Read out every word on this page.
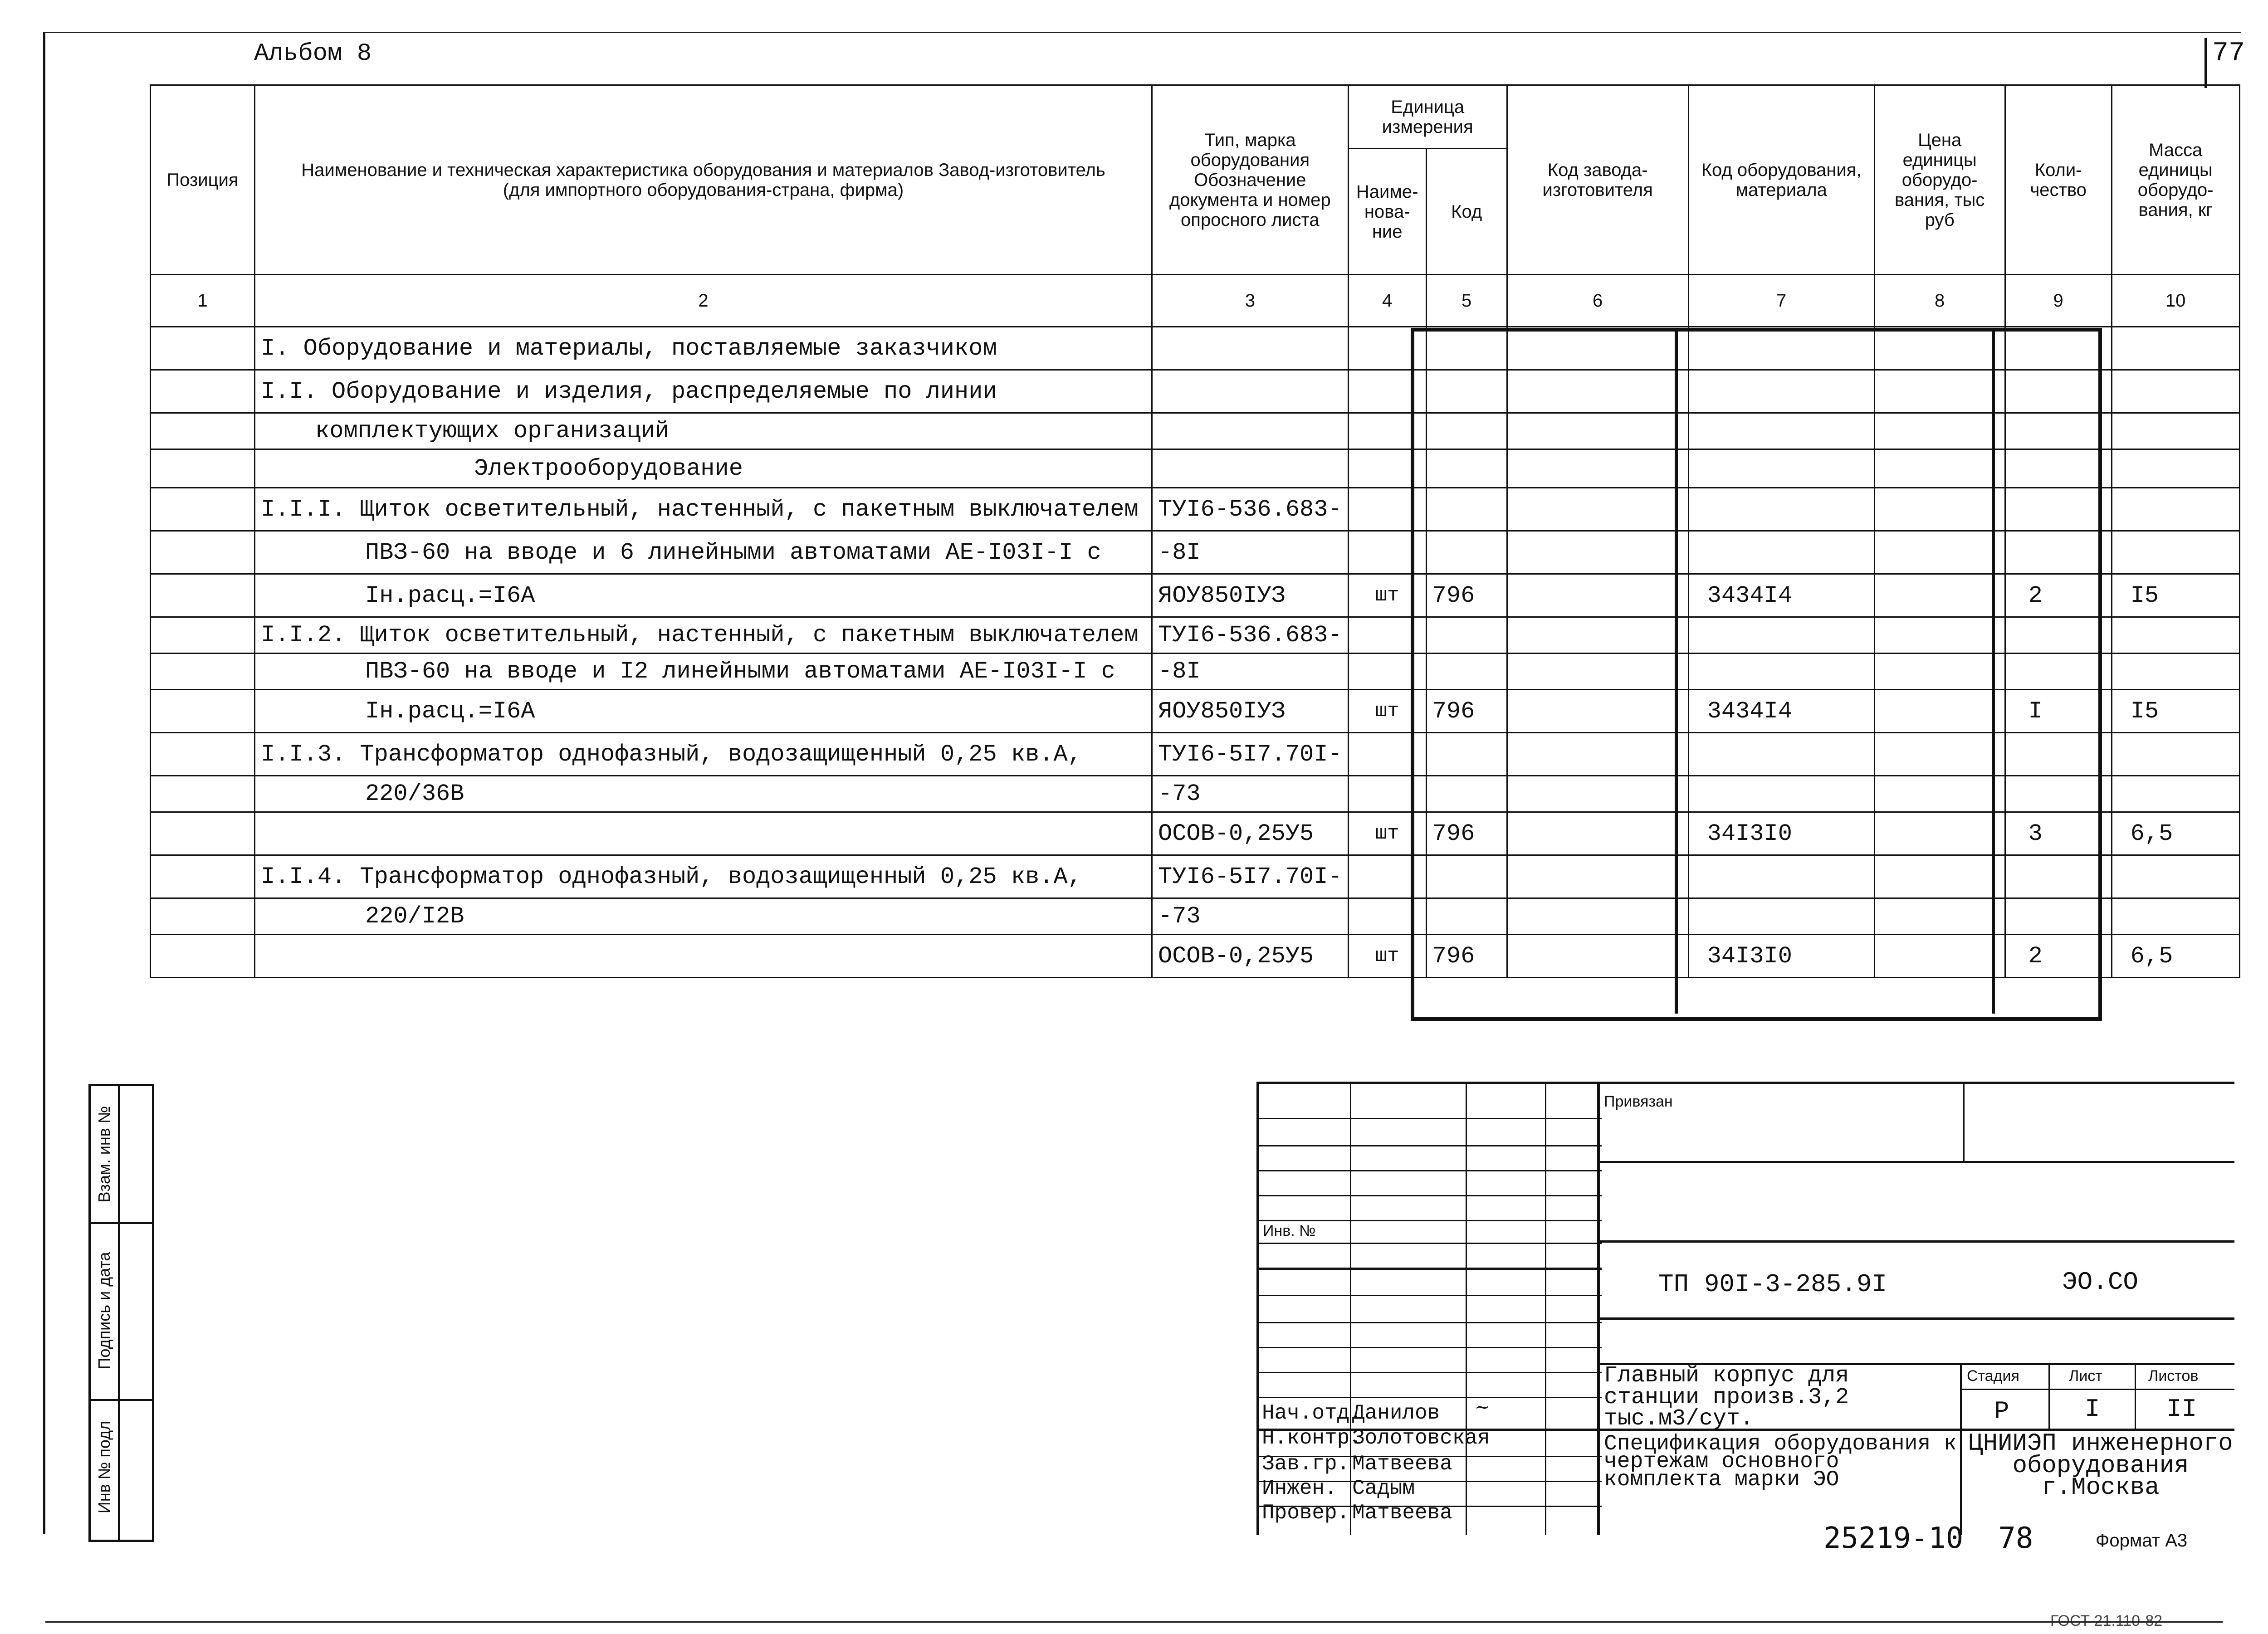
Альбом 8	77
Позиция	Наименование и техническая характеристика оборудования и материалов Завод-изготовитель (для импортного оборудования-страна, фирма)	Тип, марка оборудования Обозначение документа и номер опросного листа	Единица измерения		Код завода-изготовителя	Код оборудования, материала	Цена единицы оборудо-вания, тыс руб	Коли-чество	Масса единицы оборудо-вания, кг
			Наиме-нова-ние	Код					
1	2	3	4	5	6	7	8	9	10
	I. Оборудование и материалы, поставляемые заказчиком								
	I.I. Оборудование и изделия, распределяемые по линии								
	комплектующих организаций								
	Электрооборудование								
	I.I.I. Щиток осветительный, настенный, с пакетным выключателем	ТУI6-536.683-							
	ПВЗ-60 на вводе и 6 линейными автоматами АЕ-I03I-I с	-8I							
	Iн.расц.=I6А	ЯОУ850IУЗ	шт	796		3434I4		2	I5
	I.I.2. Щиток осветительный, настенный, с пакетным выключателем	ТУI6-536.683-							
	ПВЗ-60 на вводе и I2 линейными автоматами АЕ-I03I-I с	-8I							
	Iн.расц.=I6А	ЯОУ850IУЗ	шт	796		3434I4		I	I5
	I.I.3. Трансформатор однофазный, водозащищенный 0,25 кв.А,	ТУI6-5I7.70I-							
	220/36В	-73							
		ОСОВ-0,25У5	шт	796		34I3I0		3	6,5
	I.I.4. Трансформатор однофазный, водозащищенный 0,25 кв.А,	ТУI6-5I7.70I-							
	220/I2В	-73							
		ОСОВ-0,25У5	шт	796		34I3I0		2	6,5
Взам. инв №
Подпись и дата
Инв № подл
Привязан
Инв. №
ТП 90I-3-285.9I	ЭО.СО
Главный корпус для станции произв.3,2 тыс.м3/сут.
Стадия	Лист	Листов
Р	I	II
Спецификация оборудования к чертежам основного комплекта марки ЭО
ЦНИИЭП инженерного оборудования г.Москва
Нач.отд.
Данилов
Н.контр.
Золотовская
Зав.гр. Матвеева
Инжен. Садым
Провер. Матвеева
~
25219-10 78	Формат А3
ГОСТ 21.110-82
